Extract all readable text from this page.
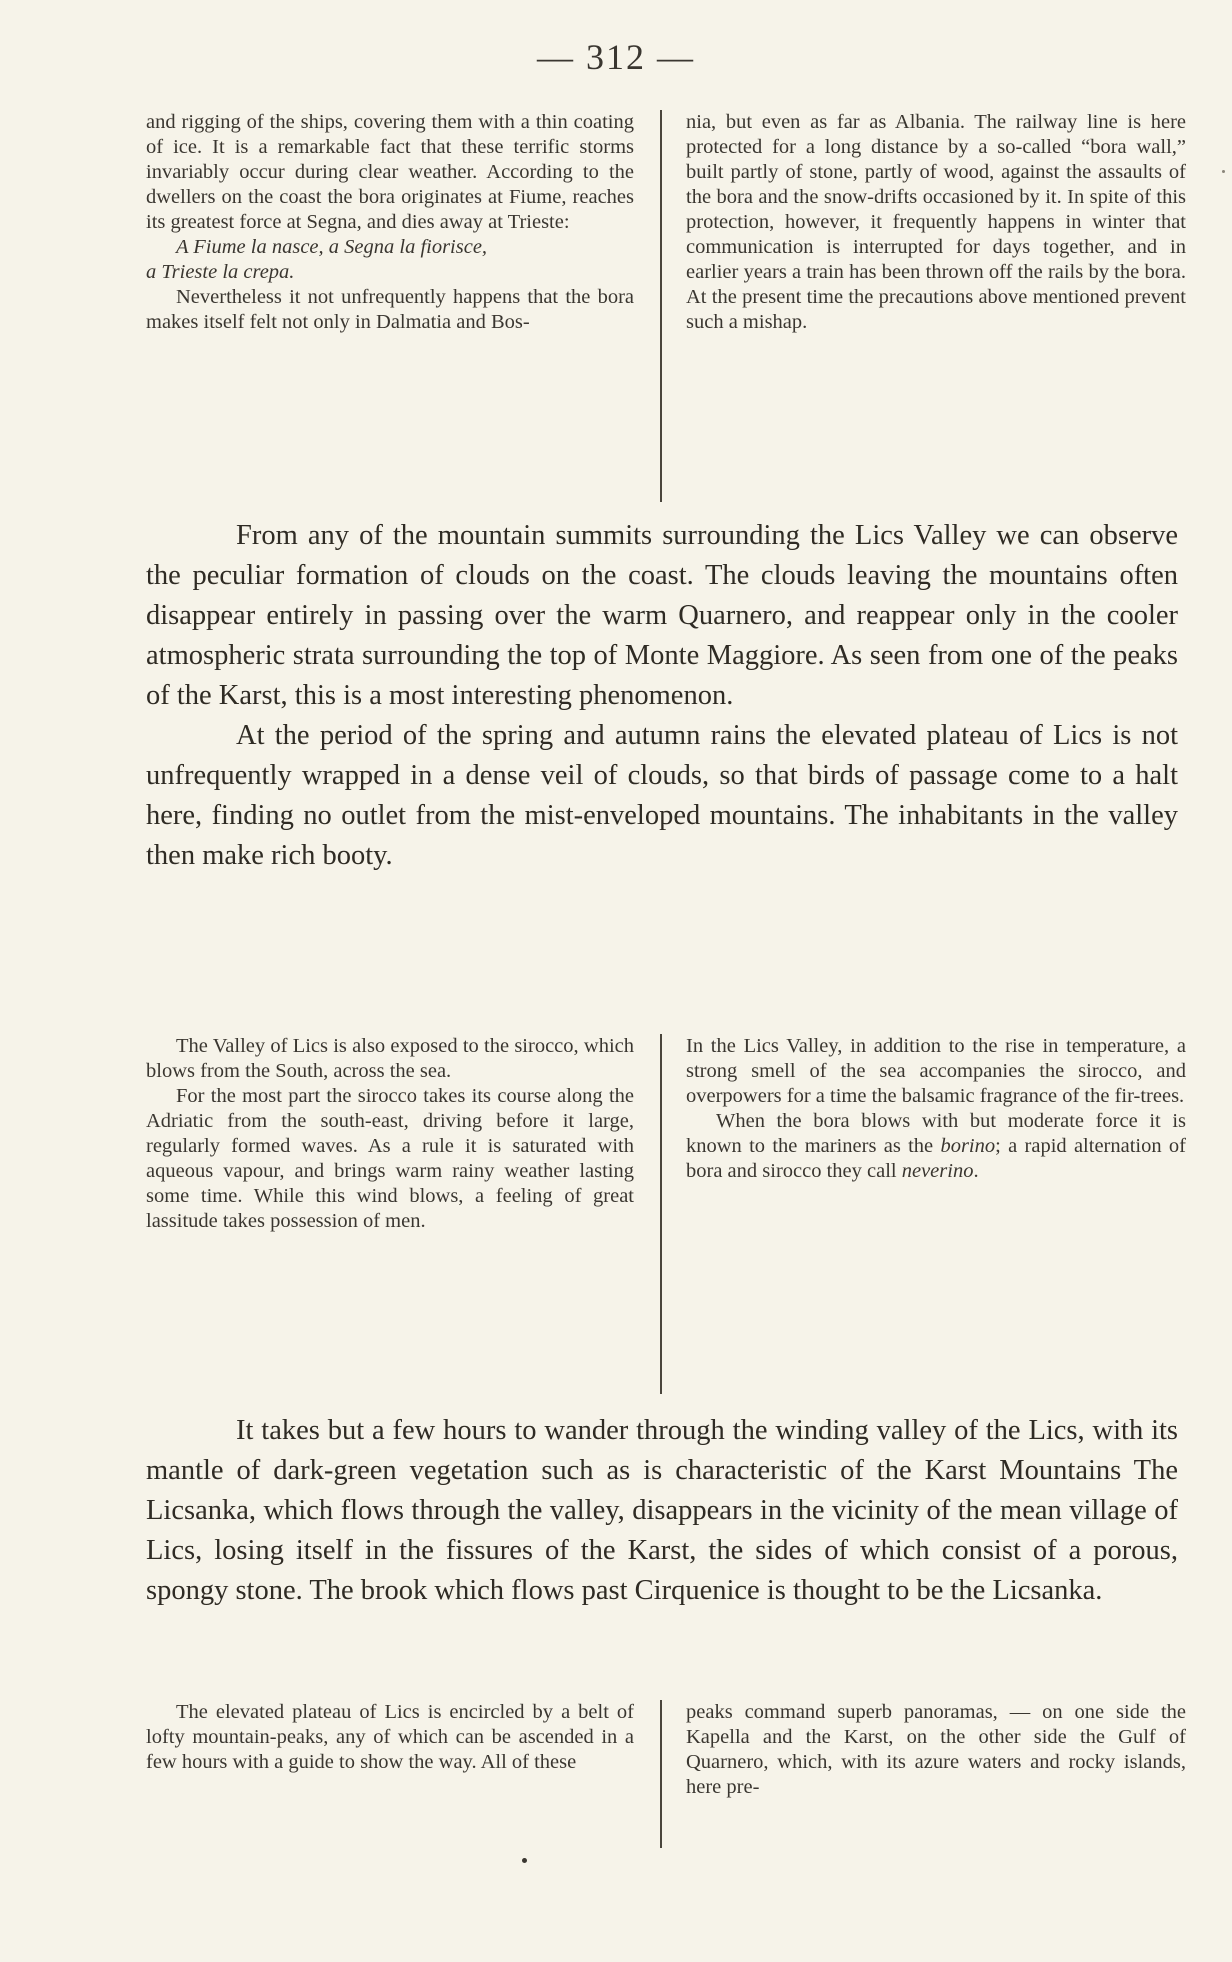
— 312 —

and rigging of the ships, covering them with a thin coating of ice. It is a remarkable fact that these terrific storms invariably occur during clear weather. According to the dwellers on the coast the bora originates at Fiume, reaches its greatest force at Segna, and dies away at Trieste:

A Fiume la nasce, a Segna la fiorisce,
a Trieste la crepa.

Nevertheless it not unfrequently happens that the bora makes itself felt not only in Dalmatia and Bos-

nia, but even as far as Albania. The railway line is here protected for a long distance by a so-called “bora wall,” built partly of stone, partly of wood, against the assaults of the bora and the snow-drifts occasioned by it. In spite of this protection, however, it frequently happens in winter that communication is interrupted for days together, and in earlier years a train has been thrown off the rails by the bora. At the present time the precautions above mentioned prevent such a mishap.

From any of the mountain summits surrounding the Lics Valley we can observe the peculiar formation of clouds on the coast. The clouds leaving the mountains often disappear entirely in passing over the warm Quarnero, and reappear only in the cooler atmospheric strata surrounding the top of Monte Maggiore. As seen from one of the peaks of the Karst, this is a most interesting phenomenon.

At the period of the spring and autumn rains the elevated plateau of Lics is not unfrequently wrapped in a dense veil of clouds, so that birds of passage come to a halt here, finding no outlet from the mist-enveloped mountains. The inhabitants in the valley then make rich booty.

The Valley of Lics is also exposed to the sirocco, which blows from the South, across the sea.

For the most part the sirocco takes its course along the Adriatic from the south-east, driving before it large, regularly formed waves. As a rule it is saturated with aqueous vapour, and brings warm rainy weather lasting some time. While this wind blows, a feeling of great lassitude takes possession of men.

In the Lics Valley, in addition to the rise in temperature, a strong smell of the sea accompanies the sirocco, and overpowers for a time the balsamic fragrance of the fir-trees.

When the bora blows with but moderate force it is known to the mariners as the borino; a rapid alternation of bora and sirocco they call neverino.

It takes but a few hours to wander through the winding valley of the Lics, with its mantle of dark-green vegetation such as is characteristic of the Karst Mountains The Licsanka, which flows through the valley, disappears in the vicinity of the mean village of Lics, losing itself in the fissures of the Karst, the sides of which consist of a porous, spongy stone. The brook which flows past Cirquenice is thought to be the Licsanka.

The elevated plateau of Lics is encircled by a belt of lofty mountain-peaks, any of which can be ascended in a few hours with a guide to show the way. All of these

peaks command superb panoramas, — on one side the Kapella and the Karst, on the other side the Gulf of Quarnero, which, with its azure waters and rocky islands, here pre-
